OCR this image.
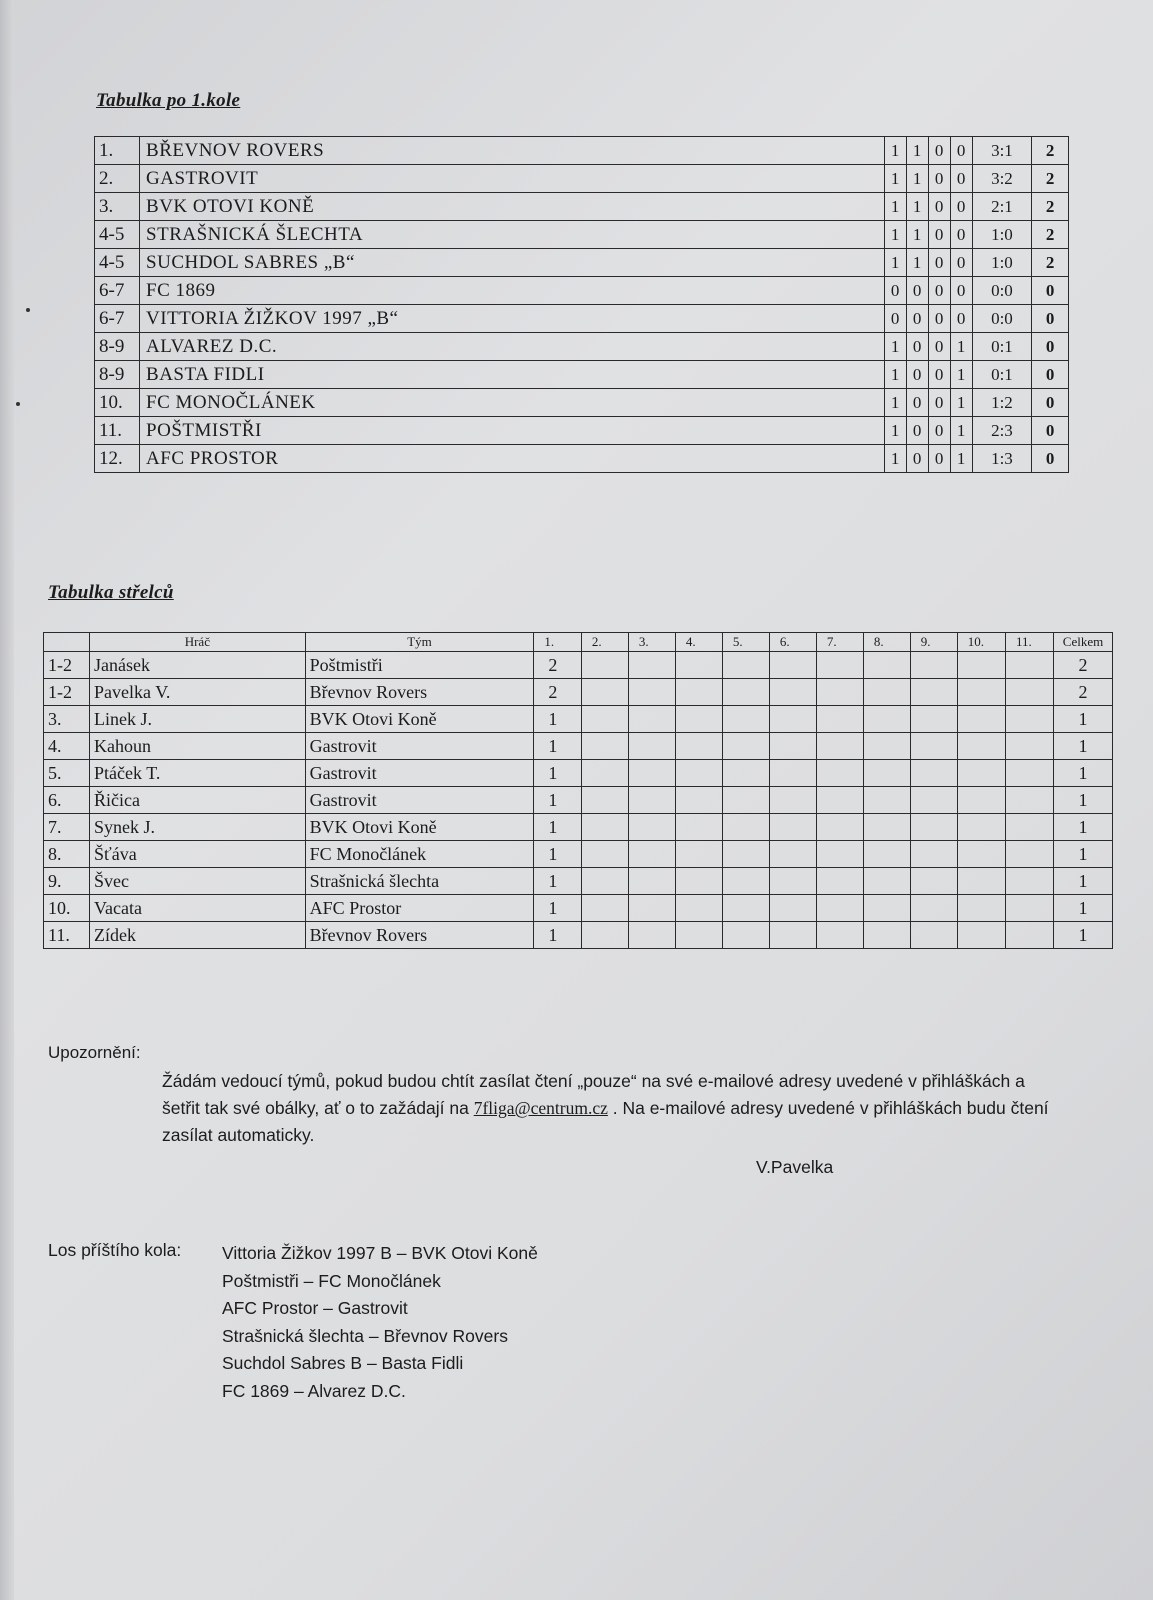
Tabulka po 1.kole
1.	BŘEVNOV ROVERS	1	1	0	0	3:1	2
2.	GASTROVIT	1	1	0	0	3:2	2
3.	BVK OTOVI KONĚ	1	1	0	0	2:1	2
4-5	STRAŠNICKÁ ŠLECHTA	1	1	0	0	1:0	2
4-5	SUCHDOL SABRES „B“	1	1	0	0	1:0	2
6-7	FC 1869	0	0	0	0	0:0	0
6-7	VITTORIA ŽIŽKOV 1997 „B“	0	0	0	0	0:0	0
8-9	ALVAREZ D.C.	1	0	0	1	0:1	0
8-9	BASTA FIDLI	1	0	0	1	0:1	0
10.	FC MONOČLÁNEK	1	0	0	1	1:2	0
11.	POŠTMISTŘI	1	0	0	1	2:3	0
12.	AFC PROSTOR	1	0	0	1	1:3	0
Tabulka střelců
	Hráč	Tým	1.	2.	3.	4.	5.	6.	7.	8.	9.	10.	11.	Celkem
1-2	Janásek	Poštmistři	2											2
1-2	Pavelka V.	Břevnov Rovers	2											2
3.	Linek J.	BVK Otovi Koně	1											1
4.	Kahoun	Gastrovit	1											1
5.	Ptáček T.	Gastrovit	1											1
6.	Řičica	Gastrovit	1											1
7.	Synek J.	BVK Otovi Koně	1											1
8.	Šťáva	FC Monočlánek	1											1
9.	Švec	Strašnická šlechta	1											1
10.	Vacata	AFC Prostor	1											1
11.	Zídek	Břevnov Rovers	1											1
Upozornění:
Žádám vedoucí týmů, pokud budou chtít zasílat čtení „pouze“ na své e-mailové adresy uvedené v přihláškách a šetřit tak své obálky, ať o to zažádají na 7fliga@centrum.cz . Na e-mailové adresy uvedené v přihláškách budu čtení zasílat automaticky.
V.Pavelka
Los příštího kola: Vittoria Žižkov 1997 B – BVK Otovi Koně
Poštmistři – FC Monočlánek
AFC Prostor – Gastrovit
Strašnická šlechta – Břevnov Rovers
Suchdol Sabres B – Basta Fidli
FC 1869 – Alvarez D.C.
